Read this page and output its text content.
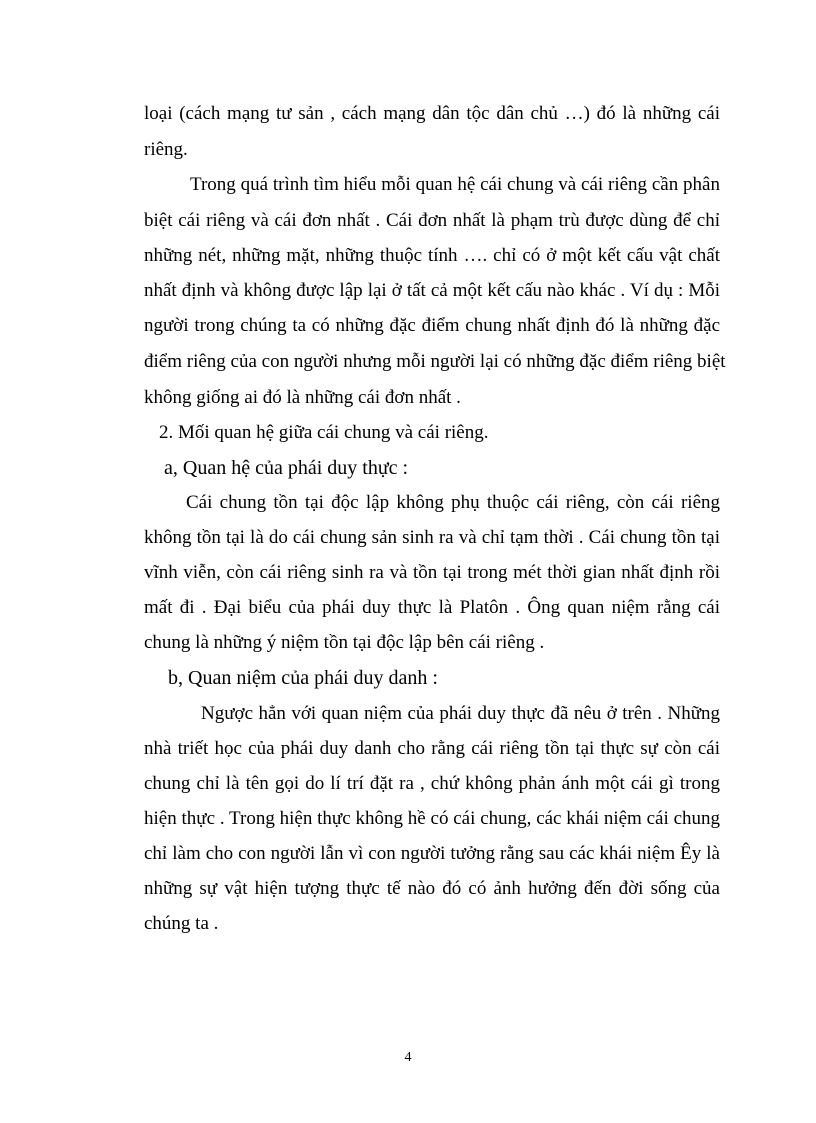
loại (cách mạng tư sản , cách mạng dân tộc dân chủ …) đó là những cái
riêng.
Trong quá trình tìm hiểu mỗi quan hệ cái chung và cái riêng cần phân
biệt cái riêng và cái đơn nhất . Cái đơn nhất là phạm trù được dùng để chỉ
những nét, những mặt, những thuộc tính …. chỉ có ở một kết cấu vật chất
nhất định và không được lập lại ở tất cả một kết cấu nào khác . Ví dụ : Mỗi
người trong chúng ta có những đặc điểm chung nhất định đó là những đặc
điểm riêng của con người nhưng mỗi người lại có những đặc điểm riêng biệt
không giống ai đó là những cái đơn nhất .
2. Mối quan hệ giữa cái chung và cái riêng.
a, Quan hệ của phái duy thực :
Cái chung tồn tại độc lập không phụ thuộc cái riêng, còn cái riêng
không tồn tại là do cái chung sản sinh ra và chỉ tạm thời . Cái chung tồn tại
vĩnh viễn, còn cái riêng sinh ra và tồn tại trong mét thời gian nhất định rồi
mất đi . Đại biểu của phái duy thực là Platôn . Ông quan niệm rằng cái
chung là những ý niệm tồn tại độc lập bên cái riêng .
b, Quan niệm của phái duy danh :
Ngược hẳn với quan niệm của phái duy thực đã nêu ở trên . Những
nhà triết học của phái duy danh cho rằng cái riêng tồn tại thực sự còn cái
chung chỉ là tên gọi do lí trí đặt ra , chứ không phản ánh một cái gì trong
hiện thực . Trong hiện thực không hề có cái chung, các khái niệm cái chung
chỉ làm cho con người lẫn vì con người tưởng rằng sau các khái niệm Êy là
những sự vật hiện tượng thực tế nào đó có ảnh hưởng đến đời sống của
chúng ta .
4
